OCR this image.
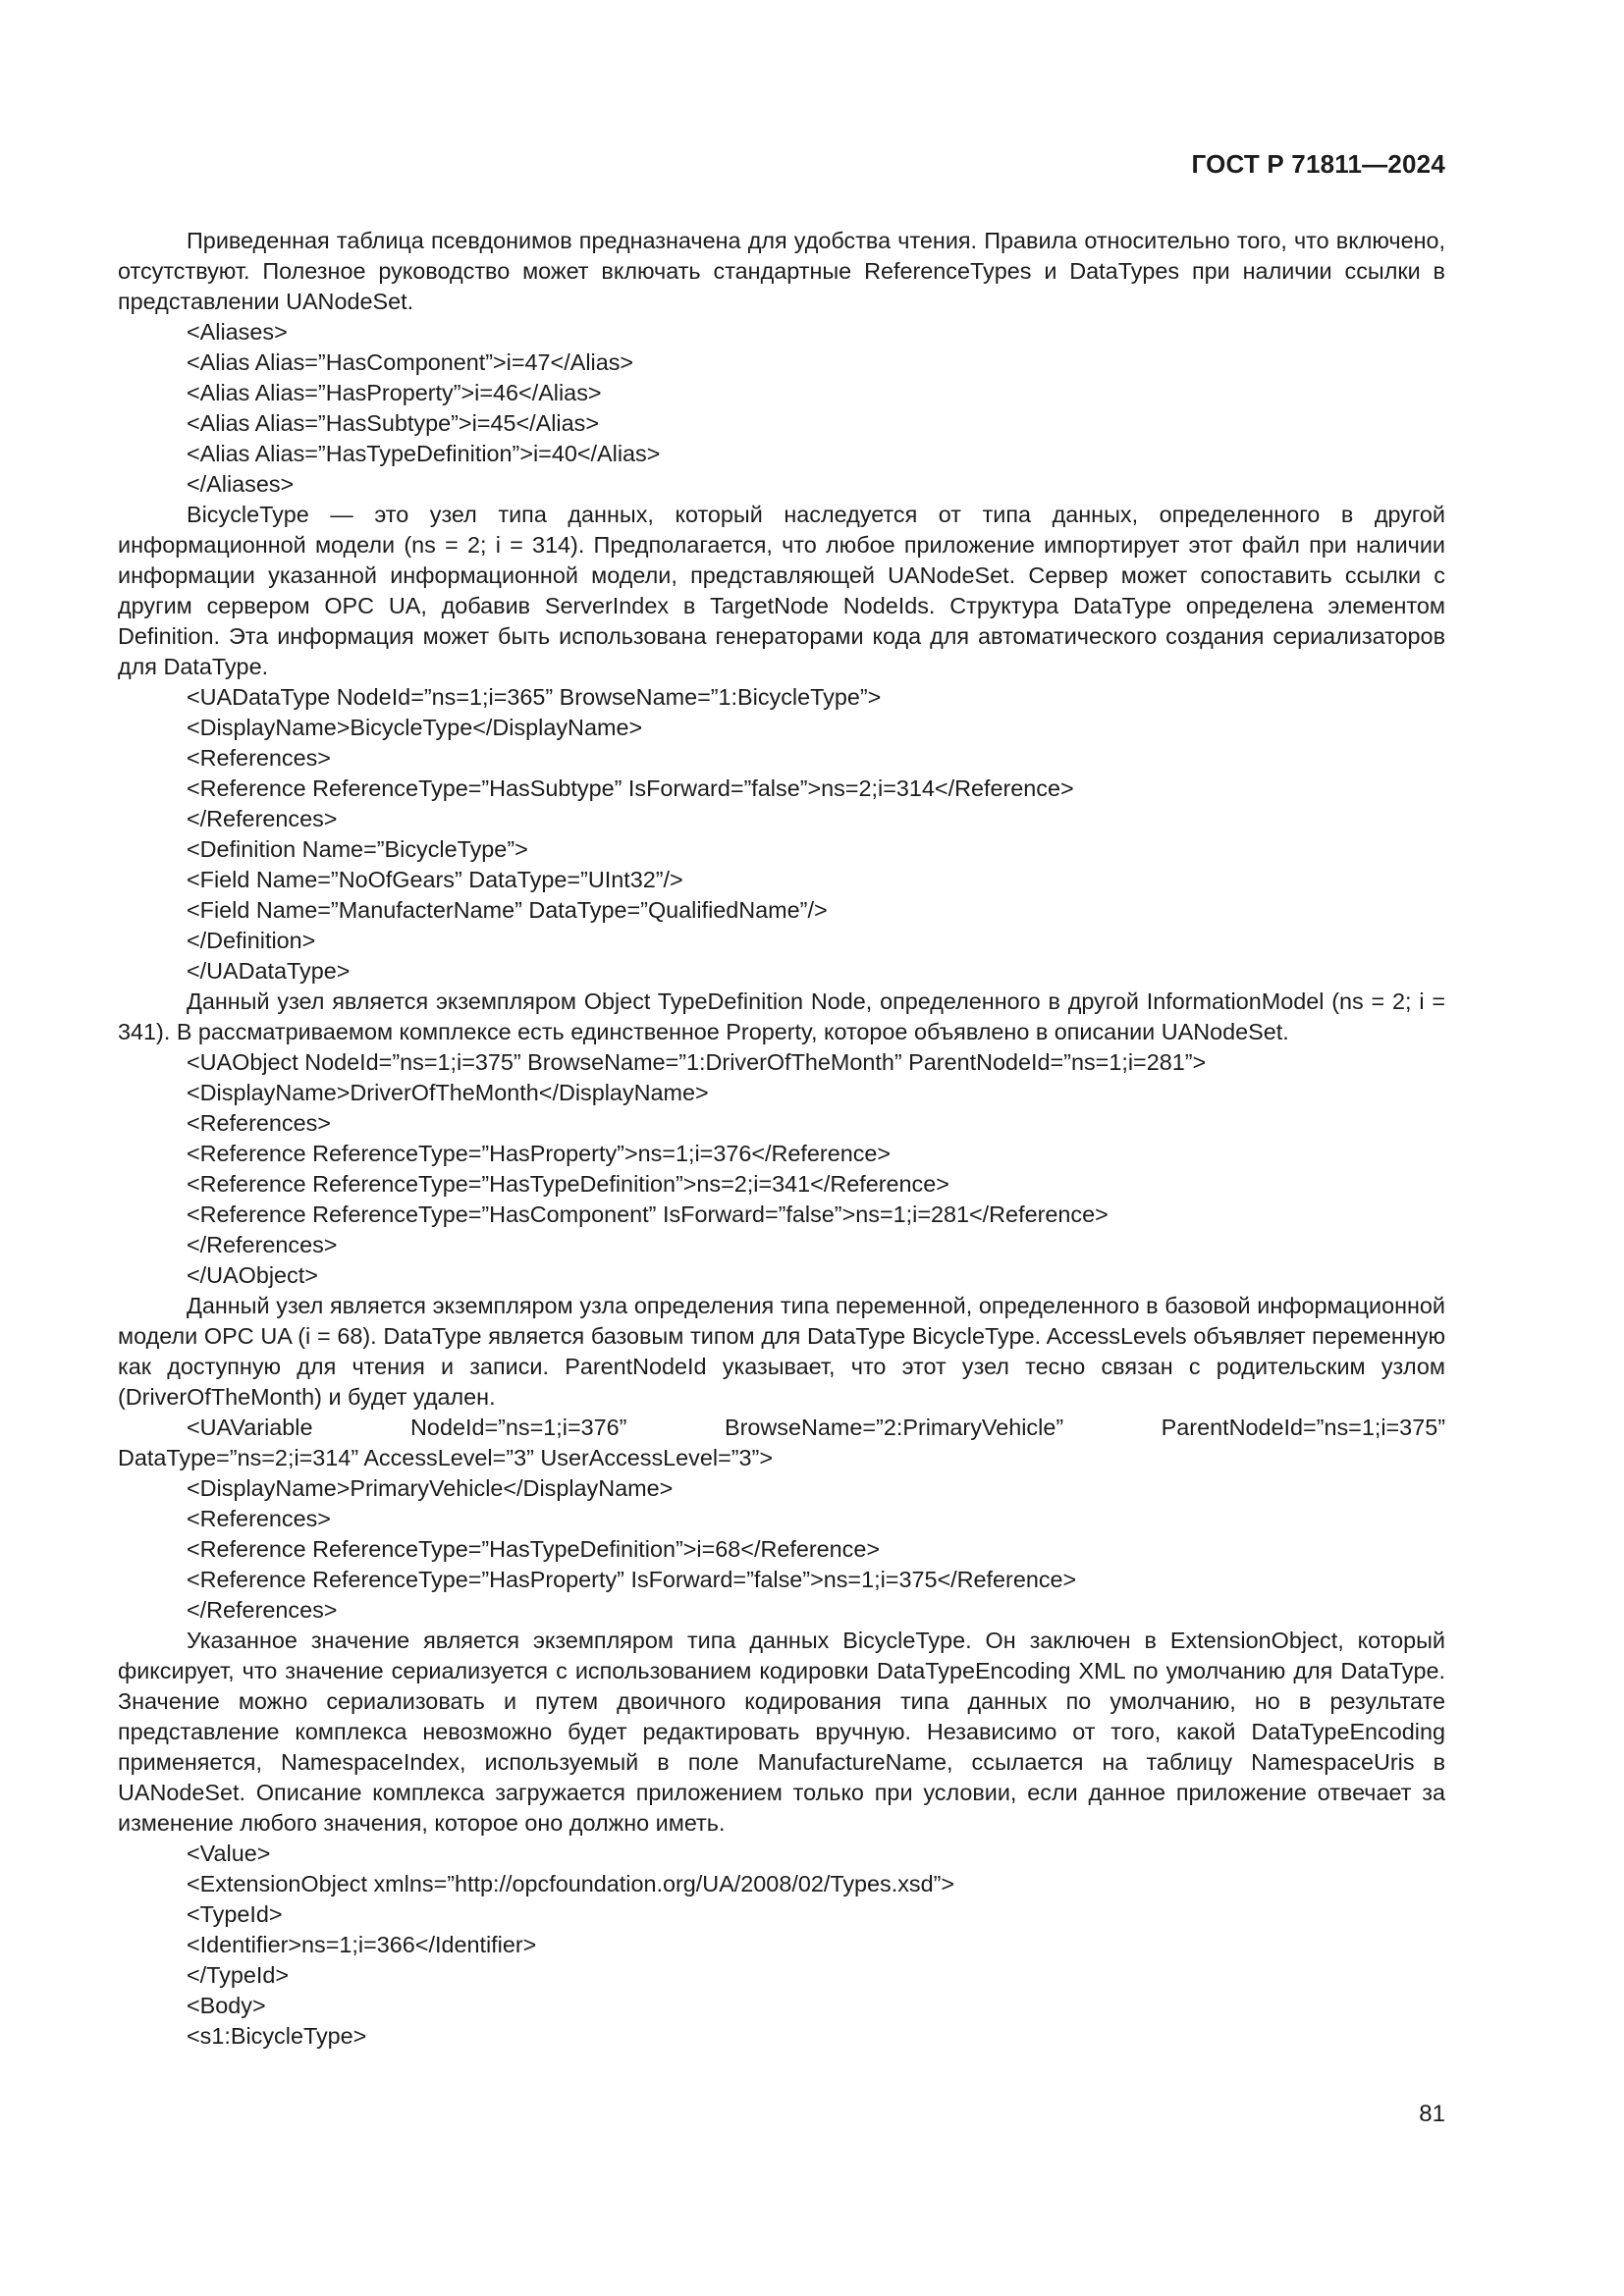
ГОСТ Р 71811—2024

Приведенная таблица псевдонимов предназначена для удобства чтения. Правила относительно того, что включено, отсутствуют. Полезное руководство может включать стандартные ReferenceTypes и DataTypes при наличии ссылки в представлении UANodeSet.

<Aliases>

<Alias Alias=”HasComponent”>i=47</Alias>

<Alias Alias=”HasProperty”>i=46</Alias>

<Alias Alias=”HasSubtype”>i=45</Alias>

<Alias Alias=”HasTypeDefinition”>i=40</Alias>

</Aliases>

BicycleType — это узел типа данных, который наследуется от типа данных, определенного в другой информационной модели (ns = 2; i = 314). Предполагается, что любое приложение импортирует этот файл при наличии информации указанной информационной модели, представляющей UANodeSet. Сервер может сопоставить ссылки с другим сервером OPC UA, добавив ServerIndex в TargetNode NodeIds. Структура DataType определена элементом Definition. Эта информация может быть использована генераторами кода для автоматического создания сериализаторов для DataType.

<UADataType NodeId=”ns=1;i=365” BrowseName=”1:BicycleType”>

<DisplayName>BicycleType</DisplayName>

<References>

<Reference ReferenceType=”HasSubtype” IsForward=”false”>ns=2;i=314</Reference>

</References>

<Definition Name=”BicycleType”>

<Field Name=”NoOfGears” DataType=”UInt32”/>

<Field Name=”ManufacterName” DataType=”QualifiedName”/>

</Definition>

</UADataType>

Данный узел является экземпляром Object TypeDefinition Node, определенного в другой InformationModel (ns = 2; i = 341). В рассматриваемом комплексе есть единственное Property, которое объявлено в описании UANodeSet.

<UAObject NodeId=”ns=1;i=375” BrowseName=”1:DriverOfTheMonth” ParentNodeId=”ns=1;i=281”>

<DisplayName>DriverOfTheMonth</DisplayName>

<References>

<Reference ReferenceType=”HasProperty”>ns=1;i=376</Reference>

<Reference ReferenceType=”HasTypeDefinition”>ns=2;i=341</Reference>

<Reference ReferenceType=”HasComponent” IsForward=”false”>ns=1;i=281</Reference>

</References>

</UAObject>

Данный узел является экземпляром узла определения типа переменной, определенного в базовой информационной модели OPC UA (i = 68). DataType является базовым типом для DataType BicycleType. AccessLevels объявляет переменную как доступную для чтения и записи. ParentNodeId указывает, что этот узел тесно связан с родительским узлом (DriverOfTheMonth) и будет удален.

<UAVariable NodeId=”ns=1;i=376” BrowseName=”2:PrimaryVehicle” ParentNodeId=”ns=1;i=375”

DataType=”ns=2;i=314” AccessLevel=”3” UserAccessLevel=”3”>

<DisplayName>PrimaryVehicle</DisplayName>

<References>

<Reference ReferenceType=”HasTypeDefinition”>i=68</Reference>

<Reference ReferenceType=”HasProperty” IsForward=”false”>ns=1;i=375</Reference>

</References>

Указанное значение является экземпляром типа данных BicycleType. Он заключен в ExtensionObject, который фиксирует, что значение сериализуется с использованием кодировки DataTypeEncoding XML по умолчанию для DataType. Значение можно сериализовать и путем двоичного кодирования типа данных по умолчанию, но в результате представление комплекса невозможно будет редактировать вручную. Независимо от того, какой DataTypeEncoding применяется, NamespaceIndex, используемый в поле ManufactureName, ссылается на таблицу NamespaceUris в UANodeSet. Описание комплекса загружается приложением только при условии, если данное приложение отвечает за изменение любого значения, которое оно должно иметь.

<Value>

<ExtensionObject xmlns=”http://opcfoundation.org/UA/2008/02/Types.xsd”>

<TypeId>

<Identifier>ns=1;i=366</Identifier>

</TypeId>

<Body>

<s1:BicycleType>

81
